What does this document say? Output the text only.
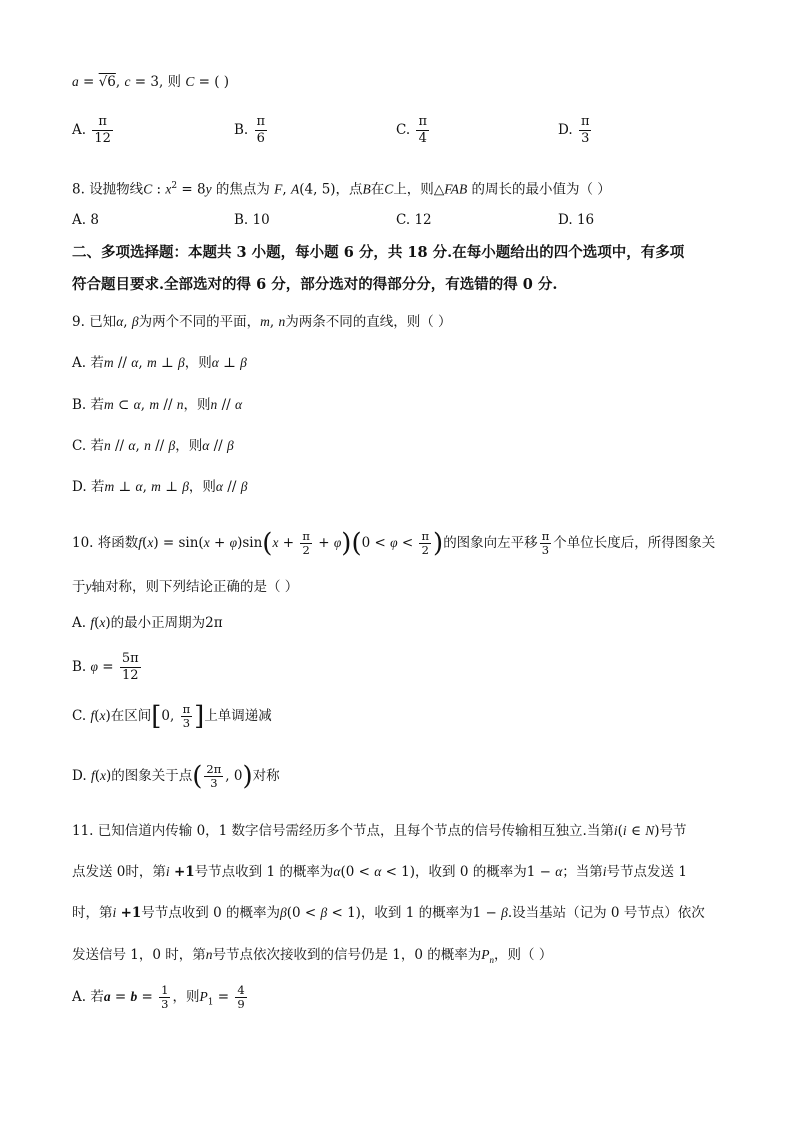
a = √6, c = 3, 则 C = ( )
A. $\frac{\pi}{12}$	B. $\frac{\pi}{6}$	C. $\frac{\pi}{4}$	D. $\frac{\pi}{3}$
8. 设抛物线C : $x^2 = 8y$ 的焦点为 F, A(4, 5)，点B在C上，则△FAB 的周长的最小值为（ ）
A. 8	B. 10	C. 12	D. 16
二、多项选择题：本题共 3 小题，每小题 6 分，共 18 分.在每小题给出的四个选项中，有多项
符合题目要求.全部选对的得 6 分，部分选对的得部分分，有选错的得 0 分.
9. 已知α, β为两个不同的平面，m, n为两条不同的直线，则（ ）
A. 若m // α, m ⊥ β，则α ⊥ β
B. 若m ⊂ α, m // n，则n // α
C. 若n // α, n // β，则α // β
D. 若m ⊥ α, m ⊥ β，则α // β
10. 将函数$f(x) = \sin(x + \varphi)\sin(x + \frac{\pi}{2} + \varphi)(0 < \varphi < \frac{\pi}{2}$ )的图象向左平移 $\frac{\pi}{3}$ 个单位长度后，所得图象关
于y轴对称，则下列结论正确的是（ ）
A. f(x)的最小正周期为2π
B. $\varphi = \frac{5\pi}{12}$
C. f(x)在区间[0, $\frac{\pi}{3}$ ]上单调递减
D. f(x)的图象关于点( $\frac{2\pi}{3}$ , 0)对称
11. 已知信道内传输 0，1 数字信号需经历多个节点，且每个节点的信号传输相互独立.当第i(i ∈ N)号节
点发送 0时，第i +1号节点收到 1 的概率为α(0 < α < 1)，收到 0 的概率为1 − α；当第i号节点发送 1
时，第i +1号节点收到 0 的概率为β(0 < β < 1)，收到 1 的概率为1 − β.设当基站（记为 0 号节点）依次
发送信号 1，0 时，第n号节点依次接收到的信号仍是 1，0 的概率为$P_n$，则（ ）
A. 若$a = b = \frac{1}{3}$ ，则$P_1 = \frac{4}{9}$
